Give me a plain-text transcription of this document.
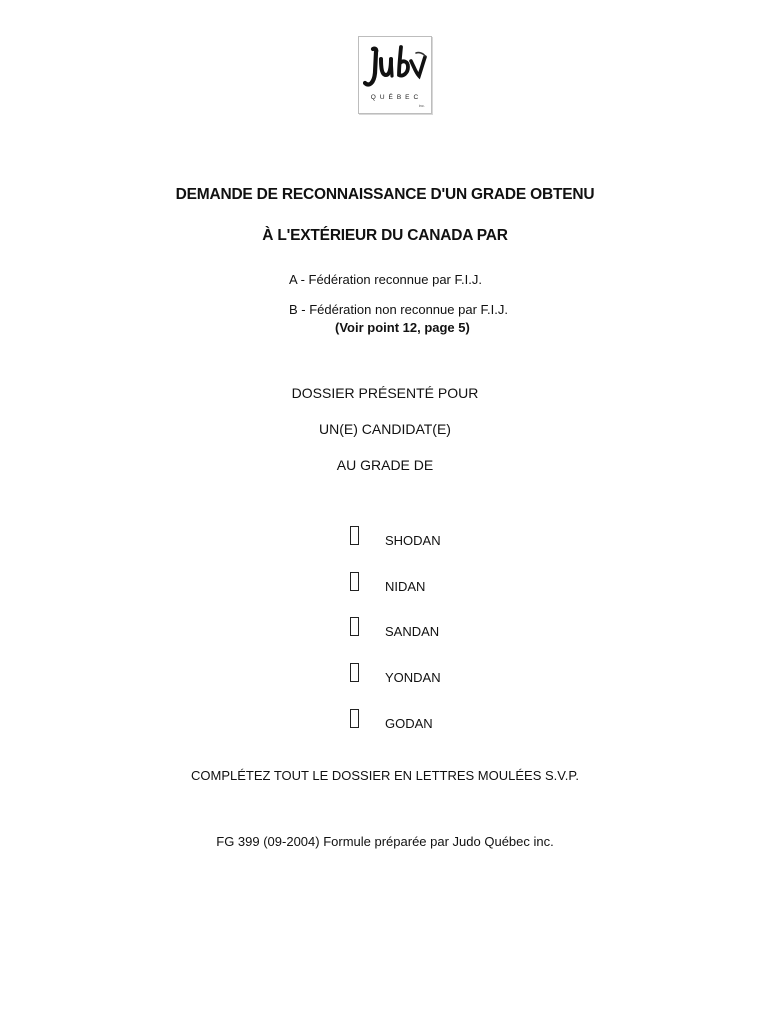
QUÉBEC
inc.
DEMANDE DE RECONNAISSANCE D'UN GRADE OBTENU
À L'EXTÉRIEUR DU CANADA PAR
A - Fédération reconnue par F.I.J.
B - Fédération non reconnue par F.I.J.
(Voir point 12, page 5)
DOSSIER PRÉSENTÉ POUR
UN(E) CANDIDAT(E)
AU GRADE DE
SHODAN
NIDAN
SANDAN
YONDAN
GODAN
COMPLÉTEZ TOUT LE DOSSIER EN LETTRES MOULÉES S.V.P.
FG 399 (09-2004) Formule préparée par Judo Québec inc.
